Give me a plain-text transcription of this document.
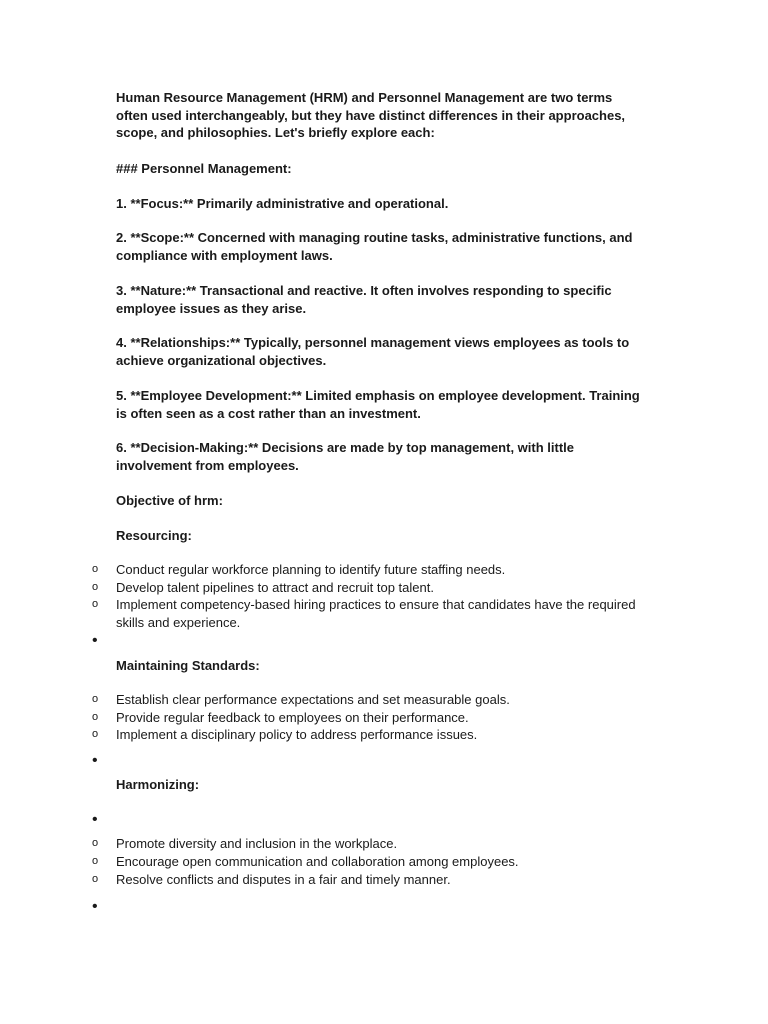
Human Resource Management (HRM) and Personnel Management are two terms often used interchangeably, but they have distinct differences in their approaches, scope, and philosophies. Let's briefly explore each:

### Personnel Management:

1. **Focus:** Primarily administrative and operational.

2. **Scope:** Concerned with managing routine tasks, administrative functions, and compliance with employment laws.

3. **Nature:** Transactional and reactive. It often involves responding to specific employee issues as they arise.

4. **Relationships:** Typically, personnel management views employees as tools to achieve organizational objectives.

5. **Employee Development:** Limited emphasis on employee development. Training is often seen as a cost rather than an investment.

6. **Decision-Making:** Decisions are made by top management, with little involvement from employees.

Objective of hrm:

Resourcing:

o	Conduct regular workforce planning to identify future staffing needs.
o	Develop talent pipelines to attract and recruit top talent.
o	Implement competency-based hiring practices to ensure that candidates have the required skills and experience.
•

Maintaining Standards:

o	Establish clear performance expectations and set measurable goals.
o	Provide regular feedback to employees on their performance.
o	Implement a disciplinary policy to address performance issues.
•

Harmonizing:

•
o	Promote diversity and inclusion in the workplace.
o	Encourage open communication and collaboration among employees.
o	Resolve conflicts and disputes in a fair and timely manner.
•
